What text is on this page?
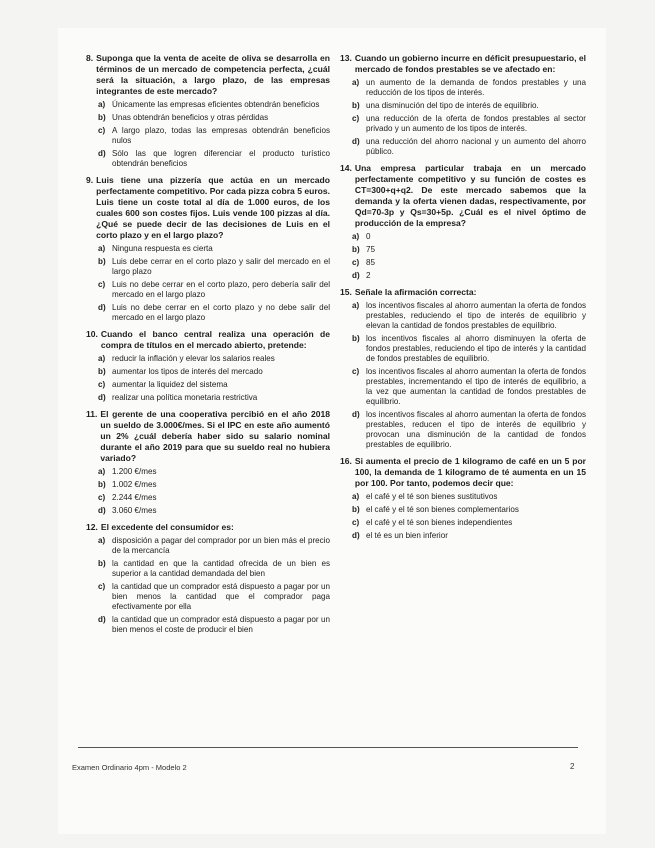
8. Suponga que la venta de aceite de oliva se desarrolla en términos de un mercado de competencia perfecta, ¿cuál será la situación, a largo plazo, de las empresas integrantes de este mercado?
a) Únicamente las empresas eficientes obtendrán beneficios
b) Unas obtendrán beneficios y otras pérdidas
c) A largo plazo, todas las empresas obtendrán beneficios nulos
d) Sólo las que logren diferenciar el producto turístico obtendrán beneficios
9. Luis tiene una pizzería que actúa en un mercado perfectamente competitivo. Por cada pizza cobra 5 euros. Luis tiene un coste total al día de 1.000 euros, de los cuales 600 son costes fijos. Luis vende 100 pizzas al día. ¿Qué se puede decir de las decisiones de Luis en el corto plazo y en el largo plazo?
a) Ninguna respuesta es cierta
b) Luis debe cerrar en el corto plazo y salir del mercado en el largo plazo
c) Luis no debe cerrar en el corto plazo, pero debería salir del mercado en el largo plazo
d) Luis no debe cerrar en el corto plazo y no debe salir del mercado en el largo plazo
10. Cuando el banco central realiza una operación de compra de títulos en el mercado abierto, pretende:
a) reducir la inflación y elevar los salarios reales
b) aumentar los tipos de interés del mercado
c) aumentar la liquidez del sistema
d) realizar una política monetaria restrictiva
11. El gerente de una cooperativa percibió en el año 2018 un sueldo de 3.000€/mes. Si el IPC en este año aumentó un 2% ¿cuál debería haber sido su salario nominal durante el año 2019 para que su sueldo real no hubiera variado?
a) 1.200 €/mes
b) 1.002 €/mes
c) 2.244 €/mes
d) 3.060 €/mes
12. El excedente del consumidor es:
a) disposición a pagar del comprador por un bien más el precio de la mercancía
b) la cantidad en que la cantidad ofrecida de un bien es superior a la cantidad demandada del bien
c) la cantidad que un comprador está dispuesto a pagar por un bien menos la cantidad que el comprador paga efectivamente por ella
d) la cantidad que un comprador está dispuesto a pagar por un bien menos el coste de producir el bien
13. Cuando un gobierno incurre en déficit presupuestario, el mercado de fondos prestables se ve afectado en:
a) un aumento de la demanda de fondos prestables y una reducción de los tipos de interés.
b) una disminución del tipo de interés de equilibrio.
c) una reducción de la oferta de fondos prestables al sector privado y un aumento de los tipos de interés.
d) una reducción del ahorro nacional y un aumento del ahorro público.
14. Una empresa particular trabaja en un mercado perfectamente competitivo y su función de costes es CT=300+q+q2. De este mercado sabemos que la demanda y la oferta vienen dadas, respectivamente, por Qd=70-3p y Qs=30+5p. ¿Cuál es el nivel óptimo de producción de la empresa?
a) 0
b) 75
c) 85
d) 2
15. Señale la afirmación correcta:
a) los incentivos fiscales al ahorro aumentan la oferta de fondos prestables, reduciendo el tipo de interés de equilibrio y elevan la cantidad de fondos prestables de equilibrio.
b) los incentivos fiscales al ahorro disminuyen la oferta de fondos prestables, reduciendo el tipo de interés y la cantidad de fondos prestables de equilibrio.
c) los incentivos fiscales al ahorro aumentan la oferta de fondos prestables, incrementando el tipo de interés de equilibrio, a la vez que aumentan la cantidad de fondos prestables de equilibrio.
d) los incentivos fiscales al ahorro aumentan la oferta de fondos prestables, reducen el tipo de interés de equilibrio y provocan una disminución de la cantidad de fondos prestables de equilibrio.
16. Si aumenta el precio de 1 kilogramo de café en un 5 por 100, la demanda de 1 kilogramo de té aumenta en un 15 por 100. Por tanto, podemos decir que:
a) el café y el té son bienes sustitutivos
b) el café y el té son bienes complementarios
c) el café y el té son bienes independientes
d) el té es un bien inferior
Examen Ordinario 4pm - Modelo 2	2
